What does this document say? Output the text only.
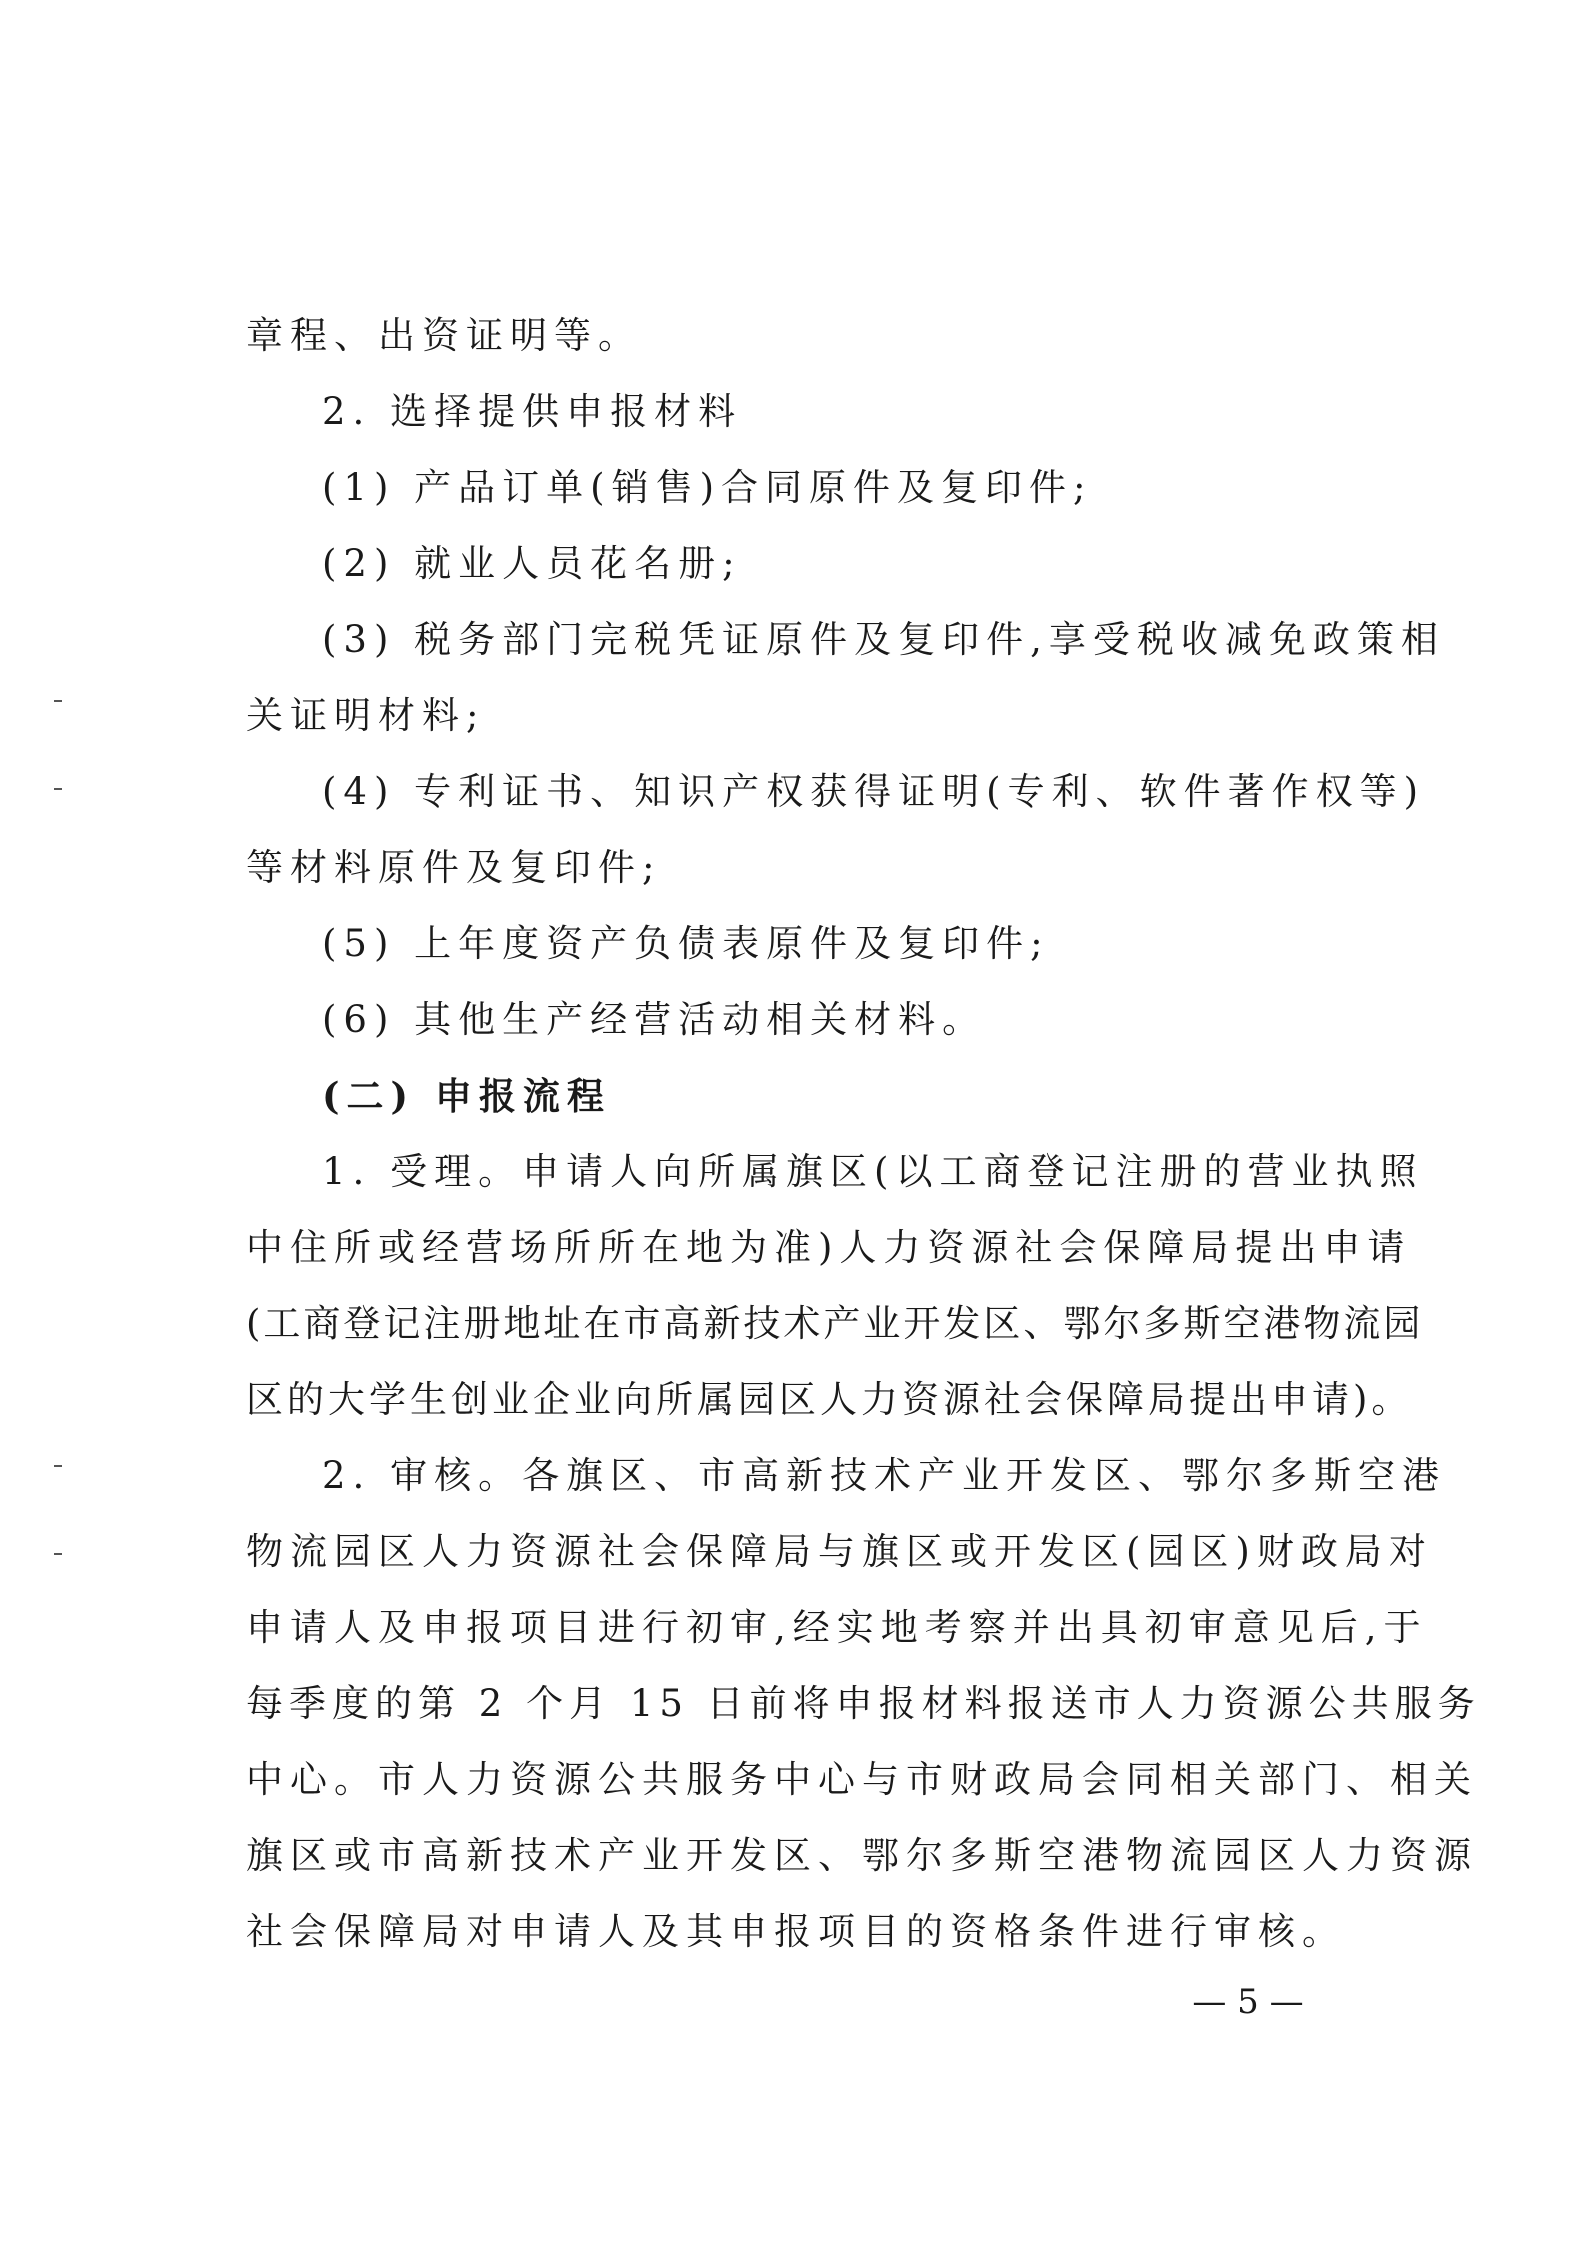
章程、出资证明等。
2. 选择提供申报材料
(1) 产品订单(销售)合同原件及复印件;
(2) 就业人员花名册;
(3) 税务部门完税凭证原件及复印件,享受税收减免政策相
关证明材料;
(4) 专利证书、知识产权获得证明(专利、软件著作权等)
等材料原件及复印件;
(5) 上年度资产负债表原件及复印件;
(6) 其他生产经营活动相关材料。
(二) 申报流程
1. 受理。申请人向所属旗区(以工商登记注册的营业执照
中住所或经营场所所在地为准)人力资源社会保障局提出申请
(工商登记注册地址在市高新技术产业开发区、鄂尔多斯空港物流园
区的大学生创业企业向所属园区人力资源社会保障局提出申请)。
2. 审核。各旗区、市高新技术产业开发区、鄂尔多斯空港
物流园区人力资源社会保障局与旗区或开发区(园区)财政局对
申请人及申报项目进行初审,经实地考察并出具初审意见后,于
每季度的第 2 个月 15 日前将申报材料报送市人力资源公共服务
中心。市人力资源公共服务中心与市财政局会同相关部门、相关
旗区或市高新技术产业开发区、鄂尔多斯空港物流园区人力资源
社会保障局对申请人及其申报项目的资格条件进行审核。
— 5 —
